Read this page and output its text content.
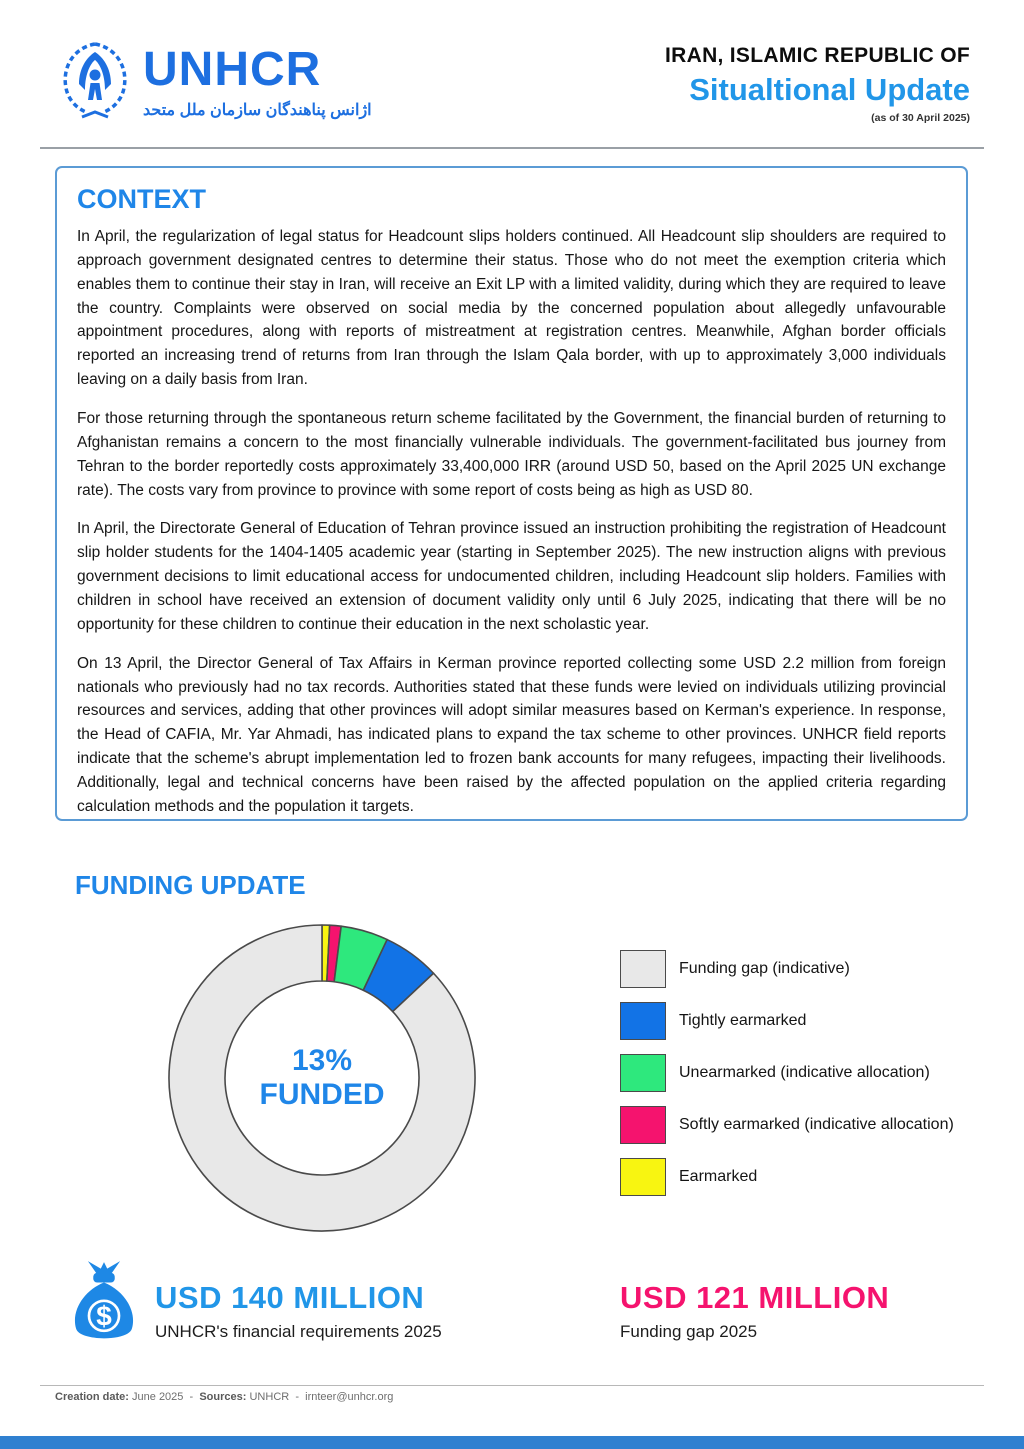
UNHCR
اژانس پناهندگان سازمان ملل متحد
IRAN, ISLAMIC REPUBLIC OF
Situaltional Update
(as of 30 April 2025)
CONTEXT

In April, the regularization of legal status for Headcount slips holders continued. All Headcount slip shoulders are required to approach government designated centres to determine their status. Those who do not meet the exemption criteria which enables them to continue their stay in Iran, will receive an Exit LP with a limited validity, during which they are required to leave the country. Complaints were observed on social media by the concerned population about allegedly unfavourable appointment procedures, along with reports of mistreatment at registration centres. Meanwhile, Afghan border officials reported an increasing trend of returns from Iran through the Islam Qala border, with up to approximately 3,000 individuals leaving on a daily basis from Iran.

For those returning through the spontaneous return scheme facilitated by the Government, the financial burden of returning to Afghanistan remains a concern to the most financially vulnerable individuals. The government-facilitated bus journey from Tehran to the border reportedly costs approximately 33,400,000 IRR (around USD 50, based on the April 2025 UN exchange rate). The costs vary from province to province with some report of costs being as high as USD 80.

In April, the Directorate General of Education of Tehran province issued an instruction prohibiting the registration of Headcount slip holder students for the 1404-1405 academic year (starting in September 2025). The new instruction aligns with previous government decisions to limit educational access for undocumented children, including Headcount slip holders. Families with children in school have received an extension of document validity only until 6 July 2025, indicating that there will be no opportunity for these children to continue their education in the next scholastic year.

On 13 April, the Director General of Tax Affairs in Kerman province reported collecting some USD 2.2 million from foreign nationals who previously had no tax records. Authorities stated that these funds were levied on individuals utilizing provincial resources and services, adding that other provinces will adopt similar measures based on Kerman's experience. In response, the Head of CAFIA, Mr. Yar Ahmadi, has indicated plans to expand the tax scheme to other provinces. UNHCR field reports indicate that the scheme's abrupt implementation led to frozen bank accounts for many refugees, impacting their livelihoods. Additionally, legal and technical concerns have been raised by the affected population on the applied criteria regarding calculation methods and the population it targets.

FUNDING UPDATE
13%
FUNDED
Funding gap (indicative)
Tightly earmarked
Unearmarked (indicative allocation)
Softly earmarked (indicative allocation)
Earmarked
$
USD 140 MILLION
UNHCR's financial requirements 2025
USD 121 MILLION
Funding gap 2025
Creation date: June 2025 - Sources: UNHCR - irnteer@unhcr.org
